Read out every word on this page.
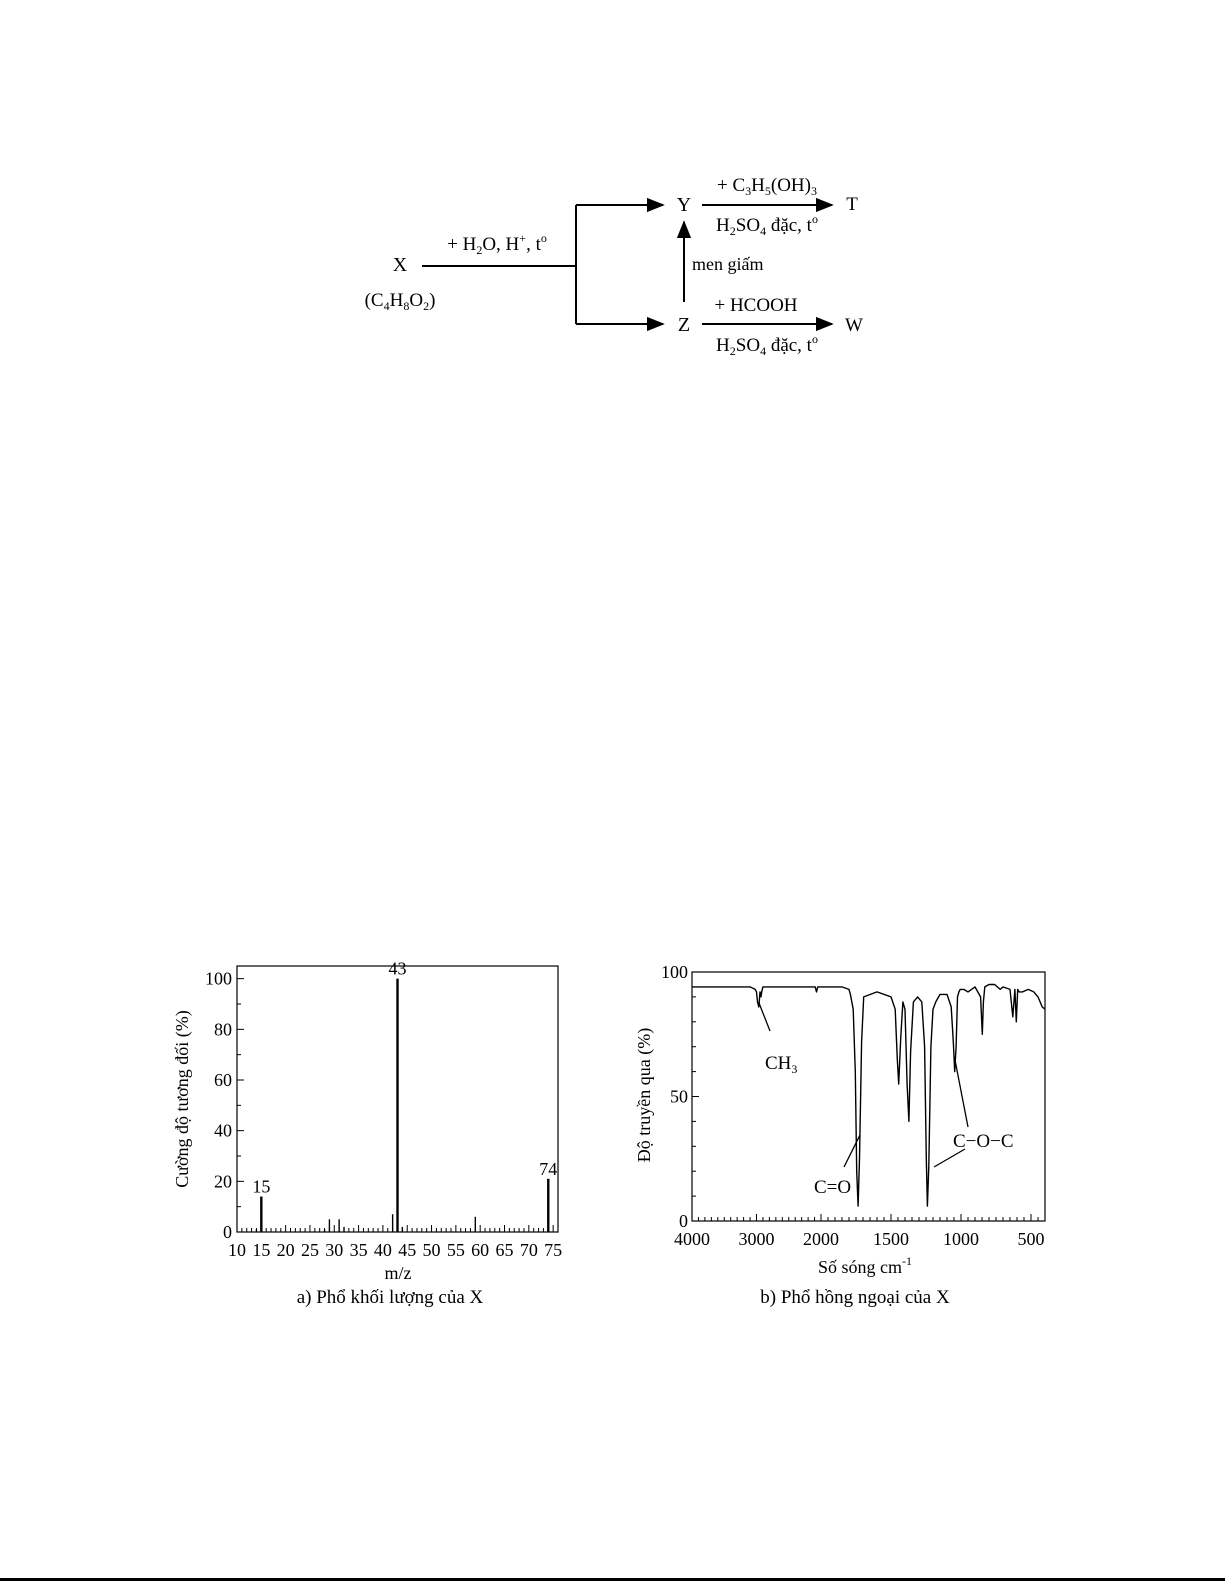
X
$(C_4H_8O_2)$
+ $H_2O$, H+, $t^o$
Y
Z
T
W
men giấm
+ $C_3H_5(OH)_3$
$H_2SO_4$ đặc, $t^o$
+ HCOOH
$H_2SO_4$ đặc, $t^o$
15
43
74
10 15 20 25 30 35 40 45 50 55 60 65 70 75
0
20
40
60
80
100
Cường độ tương đối (%)
m/z
a) Phổ khối lượng của X
4000 3000 2000 1500 1000 500
0
50
100
$CH_3$
C=O
C−O−C
Độ truyền qua (%)
Số sóng $cm^{-1}$
b) Phổ hồng ngoại của X
